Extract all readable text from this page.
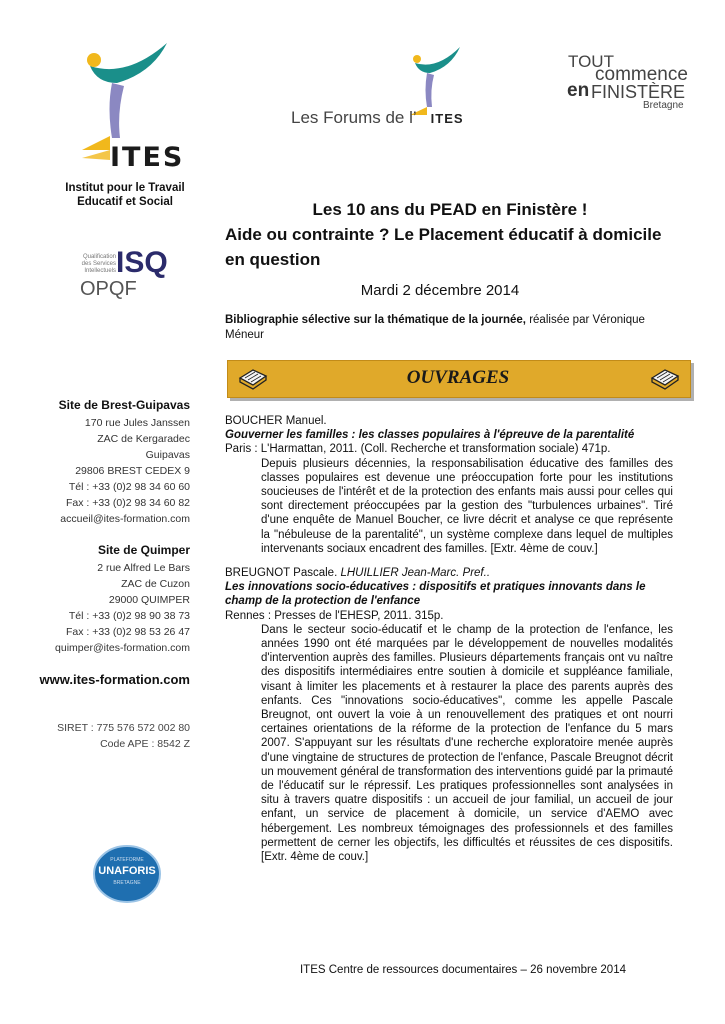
ITES
Institut pour le Travail
Educatif et Social
Qualification
des Services
Intellectuels ISQ
OPQF
Site de Brest-Guipavas
170 rue Jules Janssen
ZAC de Kergaradec
Guipavas
29806 BREST CEDEX 9
Tél : +33 (0)2 98 34 60 60
Fax : +33 (0)2 98 34 60 82
accueil@ites-formation.com
Site de Quimper
2 rue Alfred Le Bars
ZAC de Cuzon
29000 QUIMPER
Tél : +33 (0)2 98 90 38 73
Fax : +33 (0)2 98 53 26 47
quimper@ites-formation.com
www.ites-formation.com
SIRET : 775 576 572 002 80
Code APE : 8542 Z
PLATEFORME
UNAFORIS
BRETAGNE
Les Forums de l’ ITES
TOUT
commence
en FINISTÈRE
Bretagne
Les 10 ans du PEAD en Finistère !
Aide ou contrainte ? Le Placement éducatif à domicile en question
Mardi 2 décembre 2014
Bibliographie sélective sur la thématique de la journée, réalisée par Véronique Méneur
OUVRAGES
BOUCHER Manuel.
Gouverner les familles : les classes populaires à l'épreuve de la parentalité
Paris : L'Harmattan, 2011. (Coll. Recherche et transformation sociale) 471p.
Depuis plusieurs décennies, la responsabilisation éducative des familles des classes populaires est devenue une préoccupation forte pour les institutions soucieuses de l'intérêt et de la protection des enfants mais aussi pour celles qui sont directement préoccupées par la gestion des "turbulences urbaines". Tiré d'une enquête de Manuel Boucher, ce livre décrit et analyse ce que représente la "nébuleuse de la parentalité", un système complexe dans lequel de multiples intervenants sociaux encadrent des familles. [Extr. 4ème de couv.]
BREUGNOT Pascale. LHUILLIER Jean-Marc. Pref..
Les innovations socio-éducatives : dispositifs et pratiques innovants dans le champ de la protection de l'enfance
Rennes : Presses de l'EHESP, 2011. 315p.
Dans le secteur socio-éducatif et le champ de la protection de l'enfance, les années 1990 ont été marquées par le développement de nouvelles modalités d'intervention auprès des familles. Plusieurs départements français ont vu naître des dispositifs intermédiaires entre soutien à domicile et suppléance familiale, visant à limiter les placements et à restaurer la place des parents auprès des enfants. Ces "innovations socio-éducatives", comme les appelle Pascale Breugnot, ont ouvert la voie à un renouvellement des pratiques et ont nourri certaines orientations de la réforme de la protection de l'enfance du 5 mars 2007. S'appuyant sur les résultats d'une recherche exploratoire menée auprès d'une vingtaine de structures de protection de l'enfance, Pascale Breugnot décrit un mouvement général de transformation des interventions guidé par la primauté de l'éducatif sur le répressif. Les pratiques professionnelles sont analysées in situ à travers quatre dispositifs : un accueil de jour familial, un accueil de jour enfant, un service de placement à domicile, un service d'AEMO avec hébergement. Les nombreux témoignages des professionnels et des familles permettent de cerner les objectifs, les difficultés et réussites de ces dispositifs. [Extr. 4ème de couv.]
ITES Centre de ressources documentaires – 26 novembre 2014
